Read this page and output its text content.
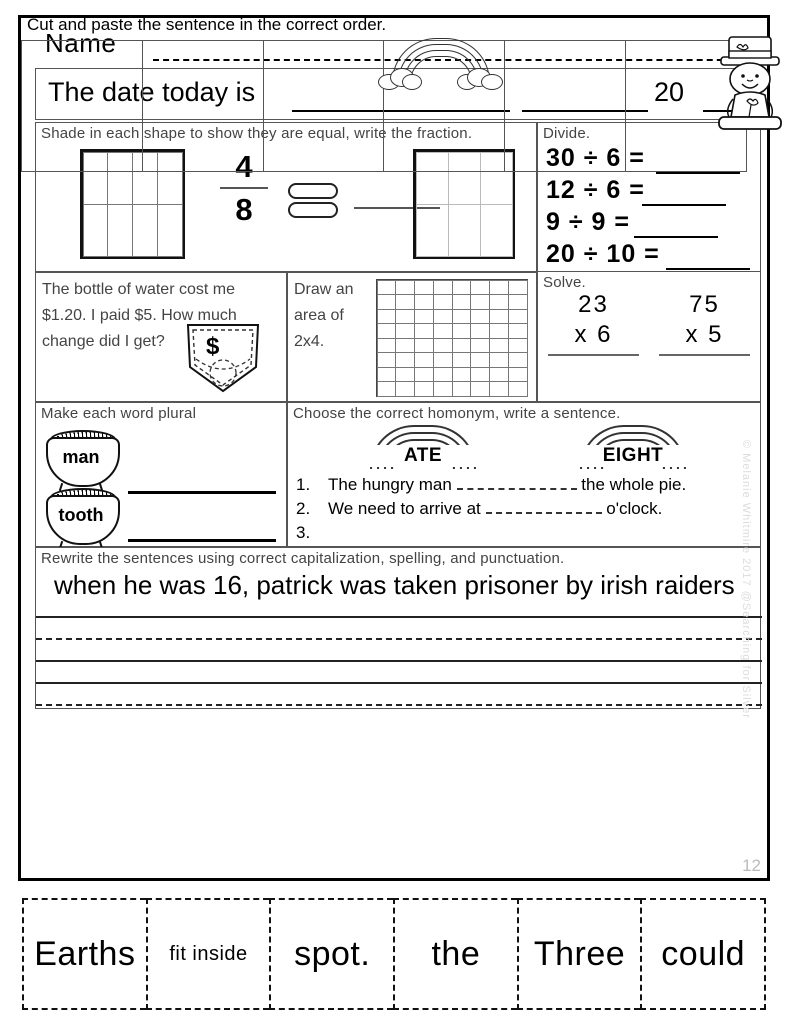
Name
The date today is	20
Shade in each shape to show they are equal, write the fraction.
4
8
Divide.
30 ÷ 6 =
12 ÷ 6 =
9 ÷ 9 =
20 ÷ 10 =
The bottle of water cost me
$1.20. I paid $5. How much
change did I get?	$
Draw an
area of
2x4.
Solve.
23
x 6
75
x 5
Make each word plural
man
tooth
Choose the correct homonym, write a sentence.
ATE	EIGHT
1. The hungry man	the whole pie.
2. We need to arrive at	o'clock.
3.
Rewrite the sentences using correct capitalization, spelling, and punctuation.
when he was 16, patrick was taken prisoner by irish raiders
Cut and paste the sentence in the correct order.
12
Earths fit inside spot. the Three could
© Melanie Whitmire 2017 @Searching for Silver
